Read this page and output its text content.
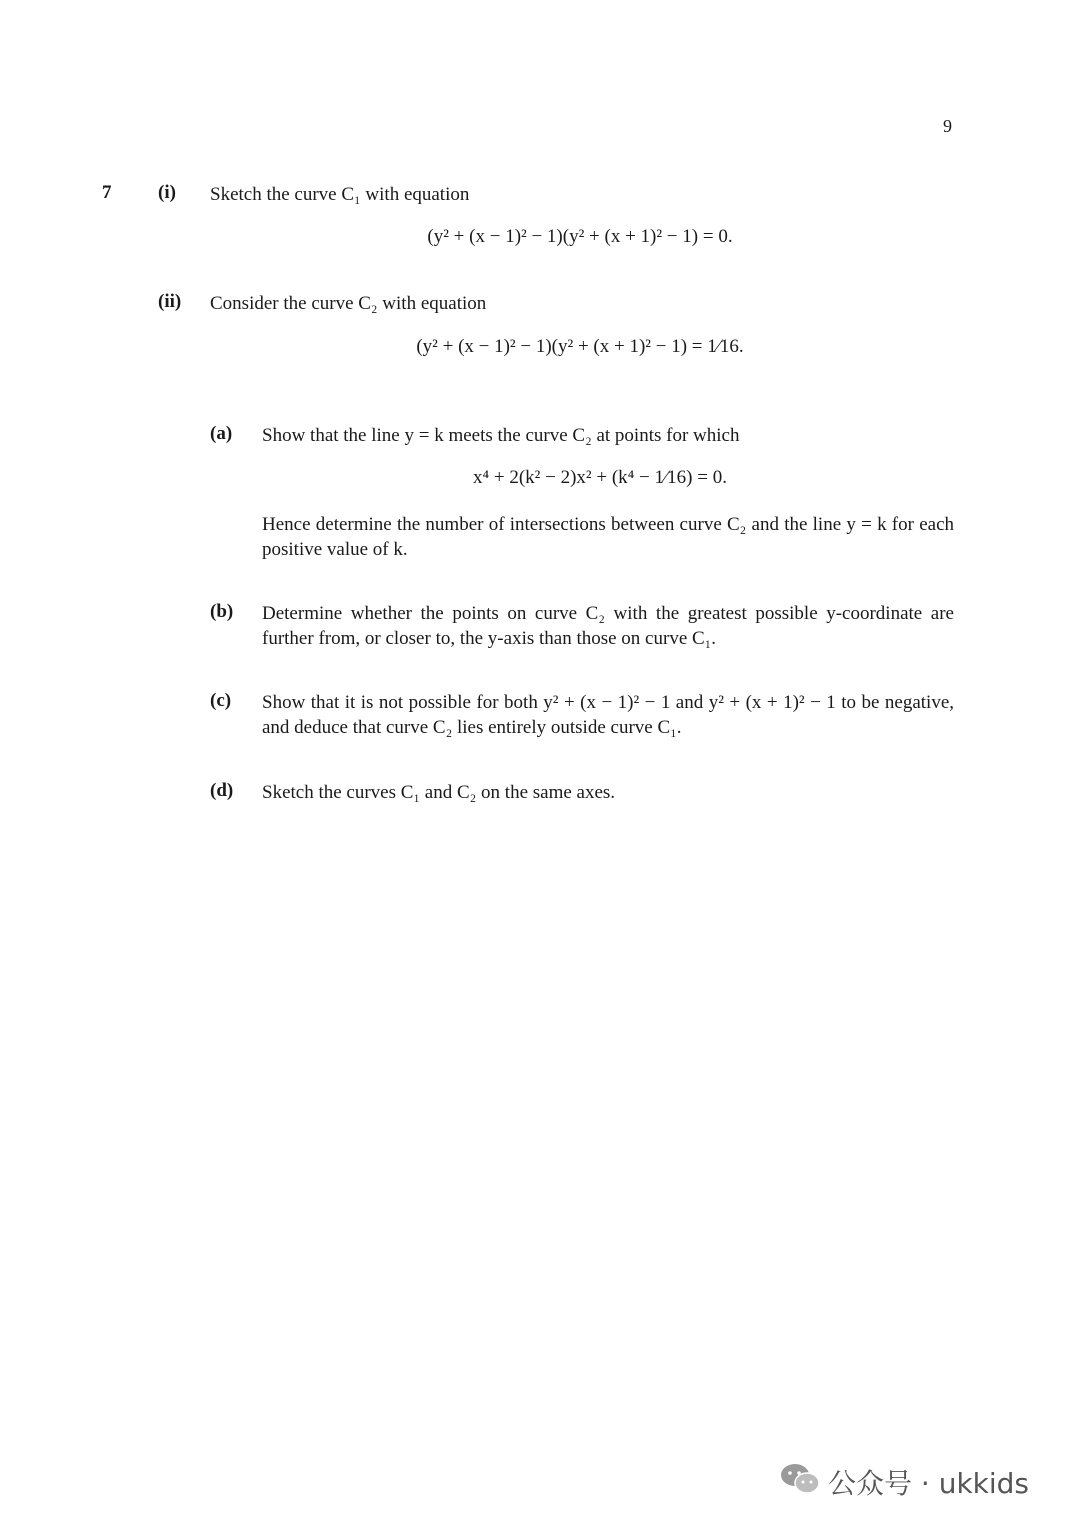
9
7 (i) Sketch the curve C₁ with equation
(y² + (x − 1)² − 1)(y² + (x + 1)² − 1) = 0.
(ii) Consider the curve C₂ with equation
(y² + (x − 1)² − 1)(y² + (x + 1)² − 1) = 1⁄16.
(a) Show that the line y = k meets the curve C₂ at points for which
x⁴ + 2(k² − 2)x² + (k⁴ − 1⁄16) = 0.
Hence determine the number of intersections between curve C₂ and the line y = k for each positive value of k.
(b) Determine whether the points on curve C₂ with the greatest possible y-coordinate are further from, or closer to, the y-axis than those on curve C₁.
(c) Show that it is not possible for both y² + (x − 1)² − 1 and y² + (x + 1)² − 1 to be negative, and deduce that curve C₂ lies entirely outside curve C₁.
(d) Sketch the curves C₁ and C₂ on the same axes.
公众号 · ukkids
